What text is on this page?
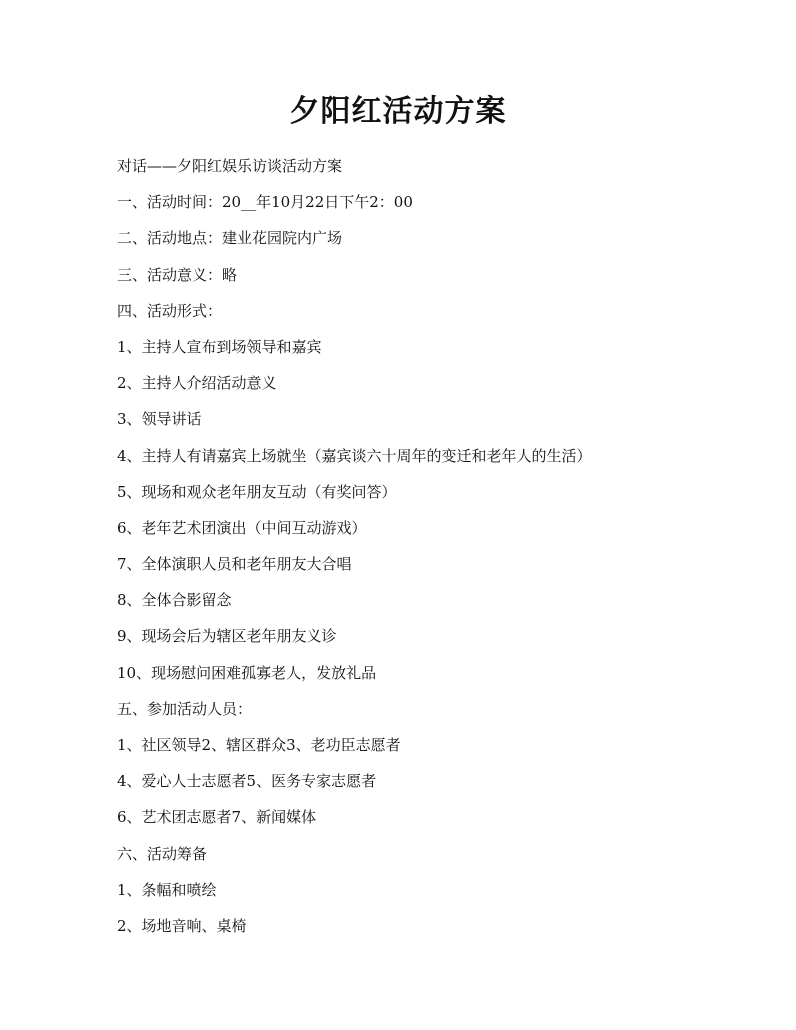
夕阳红活动方案
对话——夕阳红娱乐访谈活动方案
一、活动时间：20__年10月22日下午2：00
二、活动地点：建业花园院内广场
三、活动意义：略
四、活动形式：
1、主持人宣布到场领导和嘉宾
2、主持人介绍活动意义
3、领导讲话
4、主持人有请嘉宾上场就坐（嘉宾谈六十周年的变迁和老年人的生活）
5、现场和观众老年朋友互动（有奖问答）
6、老年艺术团演出（中间互动游戏）
7、全体演职人员和老年朋友大合唱
8、全体合影留念
9、现场会后为辖区老年朋友义诊
10、现场慰问困难孤寡老人，发放礼品
五、参加活动人员：
1、社区领导2、辖区群众3、老功臣志愿者
4、爱心人士志愿者5、医务专家志愿者
6、艺术团志愿者7、新闻媒体
六、活动筹备
1、条幅和喷绘
2、场地音响、桌椅
